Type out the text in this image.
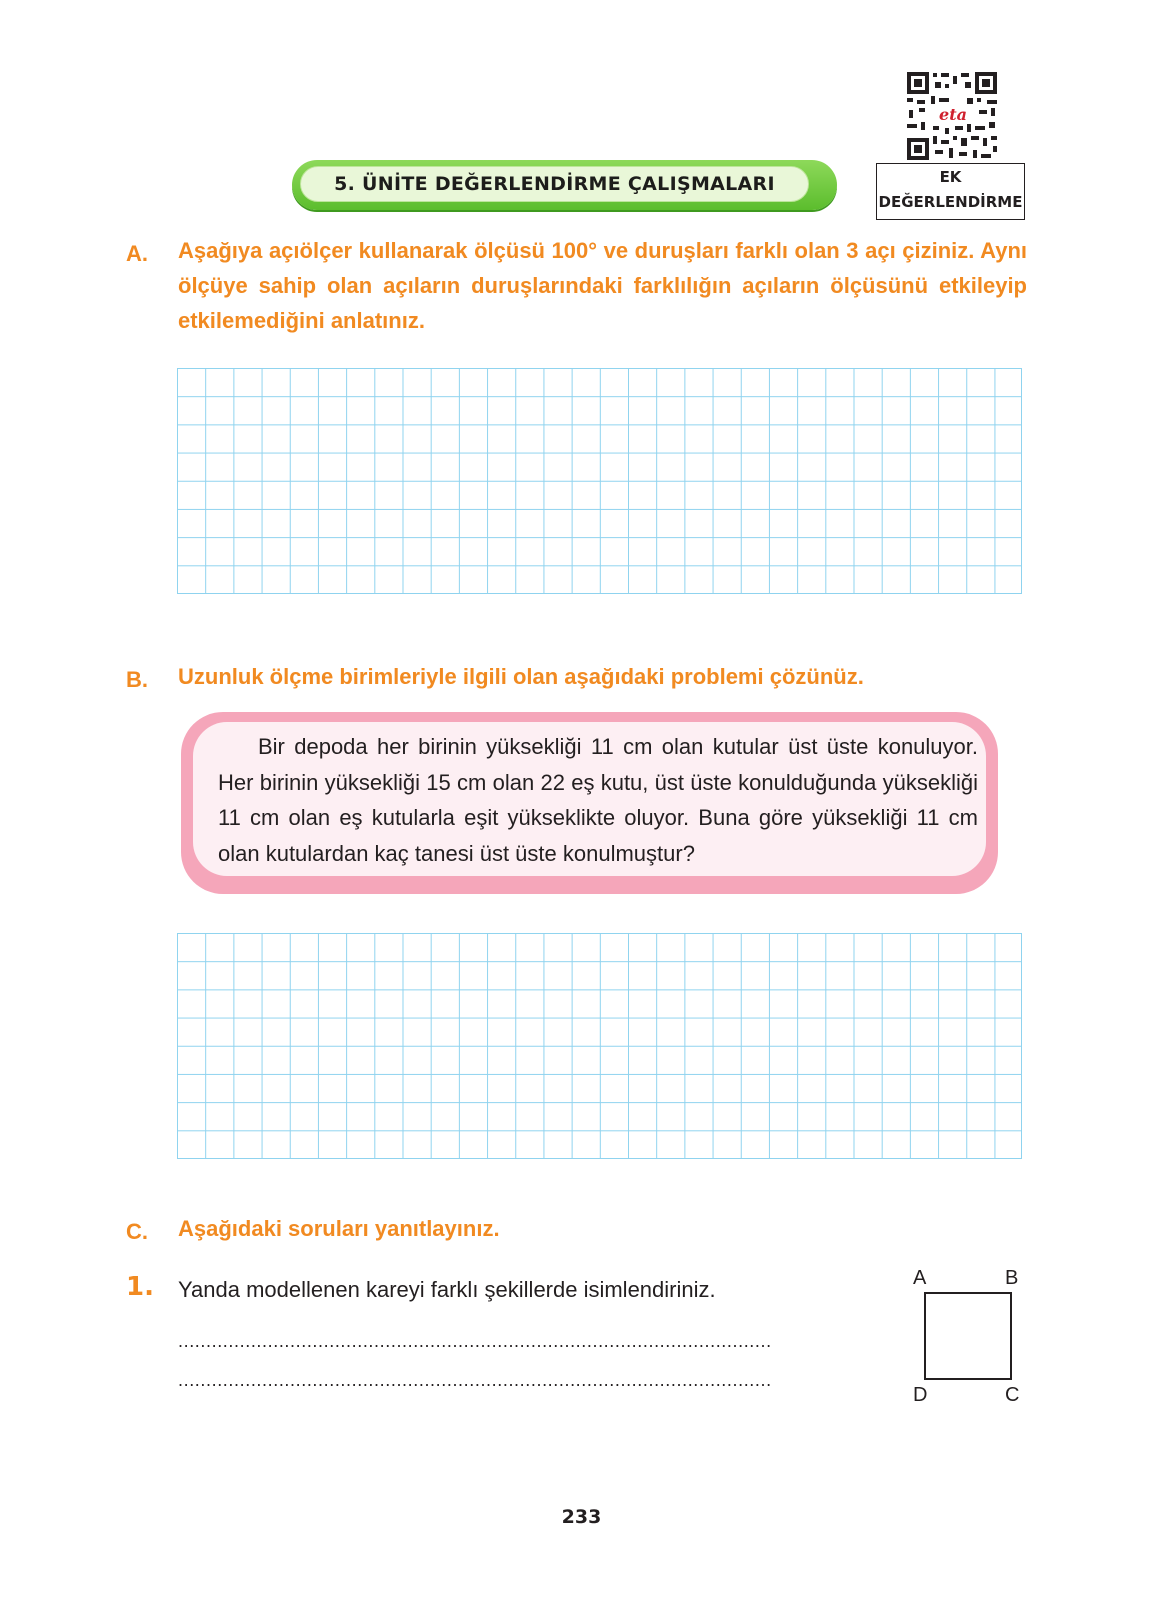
eta
5. ÜNİTE DEĞERLENDİRME ÇALIŞMALARI	EK
DEĞERLENDİRME
A. Aşağıya açıölçer kullanarak ölçüsü 100° ve duruşları farklı olan 3 açı çiziniz. Aynı ölçüye sahip olan açıların duruşlarındaki farklılığın açıların ölçüsünü etkileyip etkilemediğini anlatınız.
B. Uzunluk ölçme birimleriyle ilgili olan aşağıdaki problemi çözünüz.
Bir depoda her birinin yüksekliği 11 cm olan kutular üst üste konuluyor. Her birinin yüksekliği 15 cm olan 22 eş kutu, üst üste konulduğunda yüksekliği 11 cm olan eş kutularla eşit yükseklikte oluyor. Buna göre yüksekliği 11 cm olan kutulardan kaç tanesi üst üste konulmuştur?
C. Aşağıdaki soruları yanıtlayınız.
1. Yanda modellenen kareyi farklı şekillerde isimlendiriniz.
..........................................................................................................
..........................................................................................................
A	B
D	C
233
